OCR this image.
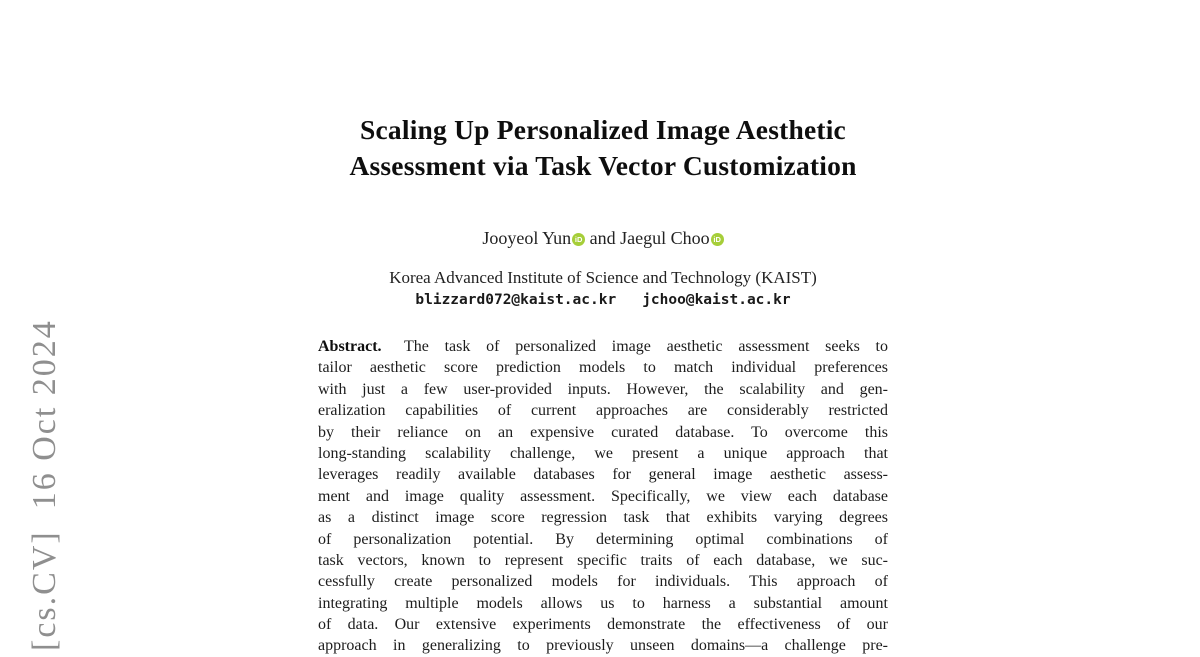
[cs.CV]  16 Oct 2024
Scaling Up Personalized Image Aesthetic
Assessment via Task Vector Customization
Jooyeol Yun iD and Jaegul Choo iD
Korea Advanced Institute of Science and Technology (KAIST)
blizzard072@kaist.ac.kr jchoo@kaist.ac.kr
Abstract. The task of personalized image aesthetic assessment seeks to
tailor aesthetic score prediction models to match individual preferences
with just a few user-provided inputs. However, the scalability and gen-
eralization capabilities of current approaches are considerably restricted
by their reliance on an expensive curated database. To overcome this
long-standing scalability challenge, we present a unique approach that
leverages readily available databases for general image aesthetic assess-
ment and image quality assessment. Specifically, we view each database
as a distinct image score regression task that exhibits varying degrees
of personalization potential. By determining optimal combinations of
task vectors, known to represent specific traits of each database, we suc-
cessfully create personalized models for individuals. This approach of
integrating multiple models allows us to harness a substantial amount
of data. Our extensive experiments demonstrate the effectiveness of our
approach in generalizing to previously unseen domains—a challenge pre-
